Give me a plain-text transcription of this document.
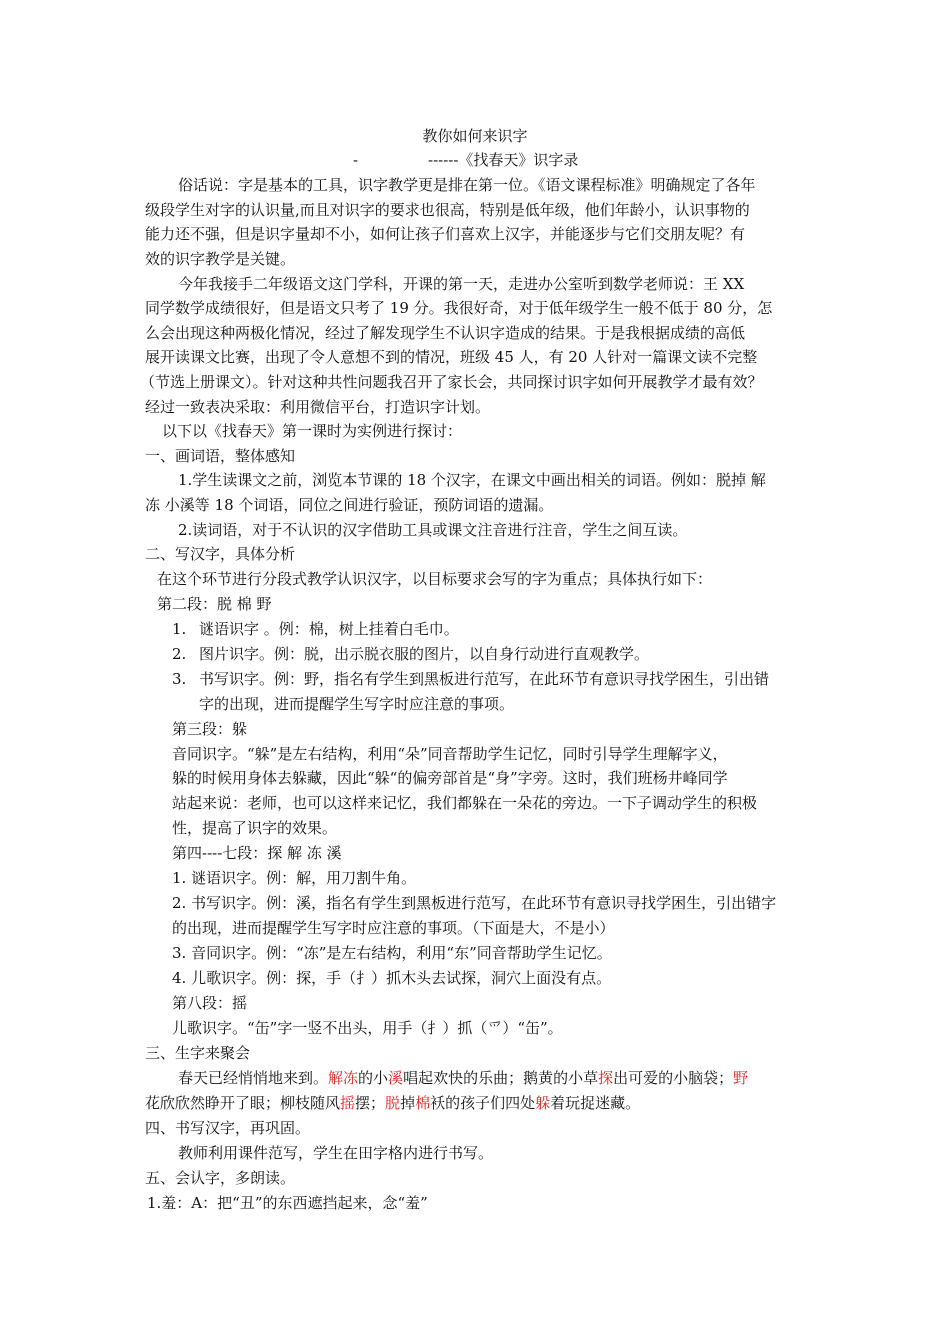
教你如何来识字
-	------《找春天》识字录
俗话说：字是基本的工具，识字教学更是排在第一位。《语文课程标准》明确规定了各年
级段学生对字的认识量,而且对识字的要求也很高，特别是低年级，他们年龄小，认识事物的
能力还不强，但是识字量却不小，如何让孩子们喜欢上汉字，并能逐步与它们交朋友呢？有
效的识字教学是关键。
今年我接手二年级语文这门学科，开课的第一天，走进办公室听到数学老师说：王 XX
同学数学成绩很好，但是语文只考了 19 分。我很好奇，对于低年级学生一般不低于 80 分，怎
么会出现这种两极化情况，经过了解发现学生不认识字造成的结果。于是我根据成绩的高低
展开读课文比赛，出现了令人意想不到的情况，班级 45 人，有 20 人针对一篇课文读不完整
（节选上册课文）。针对这种共性问题我召开了家长会，共同探讨识字如何开展教学才最有效？
经过一致表决采取：利用微信平台，打造识字计划。
以下以《找春天》第一课时为实例进行探讨：
一、画词语，整体感知
1.学生读课文之前，浏览本节课的 18 个汉字，在课文中画出相关的词语。例如：脱掉 解
冻 小溪等 18 个词语，同位之间进行验证，预防词语的遗漏。
2.读词语，对于不认识的汉字借助工具或课文注音进行注音，学生之间互读。
二、写汉字，具体分析
在这个环节进行分段式教学认识汉字，以目标要求会写的字为重点；具体执行如下：
第二段：脱 棉 野
1. 谜语识字 。例：棉，树上挂着白毛巾。
2. 图片识字。例：脱，出示脱衣服的图片，以自身行动进行直观教学。
3. 书写识字。例：野，指名有学生到黑板进行范写，在此环节有意识寻找学困生，引出错
字的出现，进而提醒学生写字时应注意的事项。
第三段：躲
音同识字。“躲”是左右结构，利用“朵”同音帮助学生记忆，同时引导学生理解字义，
躲的时候用身体去躲藏，因此“躲“的偏旁部首是“身”字旁。这时，我们班杨井峰同学
站起来说：老师，也可以这样来记忆，我们都躲在一朵花的旁边。一下子调动学生的积极
性，提高了识字的效果。
第四----七段：探 解 冻 溪
1. 谜语识字。例：解，用刀割牛角。
2. 书写识字。例：溪，指名有学生到黑板进行范写，在此环节有意识寻找学困生，引出错字
的出现，进而提醒学生写字时应注意的事项。（下面是大，不是小）
3. 音同识字。例：“冻”是左右结构，利用“东”同音帮助学生记忆。
4. 儿歌识字。例：探，手（扌）抓木头去试探，洞穴上面没有点。
第八段：摇
儿歌识字。“缶”字一竖不出头，用手（扌）抓（爫）“缶”。
三、生字来聚会
春天已经悄悄地来到。解冻的小溪唱起欢快的乐曲；鹅黄的小草探出可爱的小脑袋；野
花欣欣然睁开了眼；柳枝随风摇摆；脱掉棉袄的孩子们四处躲着玩捉迷藏。
四、书写汉字，再巩固。
教师利用课件范写，学生在田字格内进行书写。
五、会认字，多朗读。
1.羞：A：把“丑”的东西遮挡起来，念“羞”
